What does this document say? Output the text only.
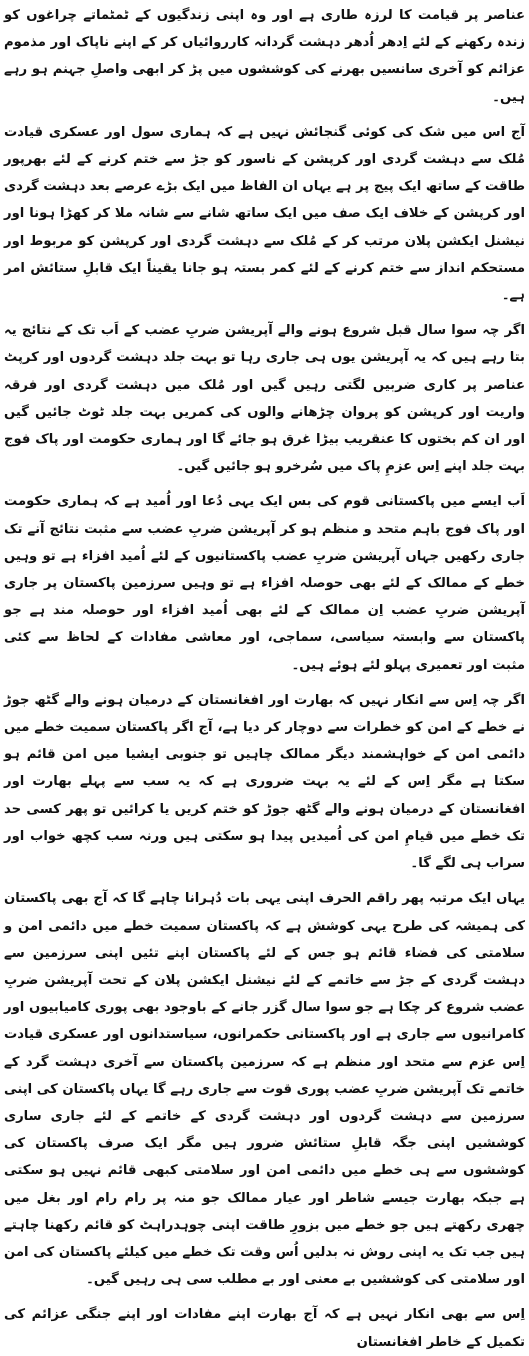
عناصر پر قیامت کا لرزہ طاری ہے اور وہ اپنی زندگیوں کے ٹمٹماتے چراغوں کو زندہ رکھنے کے لئے اِدھر اُدھر دہشت گردانہ کارروائیاں کر کے اپنے ناپاک اور مذموم عزائم کو آخری سانسیں بھرنے کی کوششوں میں پڑ کر ابھی واصلِ جہنم ہو رہے ہیں۔

آج اس میں شک کی کوئی گنجائش نہیں ہے کہ ہماری سول اور عسکری قیادت مُلک سے دہشت گردی اور کرپشن کے ناسور کو جڑ سے ختم کرنے کے لئے بھرپور طاقت کے ساتھ ایک پیج پر ہے یہاں ان الفاظ میں ایک بڑے عرصے بعد دہشت گردی اور کرپشن کے خلاف ایک صف میں ایک ساتھ شانے سے شانہ ملا کر کھڑا ہونا اور نیشنل ایکشن پلان مرتب کر کے مُلک سے دہشت گردی اور کرپشن کو مربوط اور مستحکم انداز سے ختم کرنے کے لئے کمر بستہ ہو جانا یقیناً ایک قابلِ ستائش امر ہے۔

اگر چہ سوا سال قبل شروع ہونے والے آپریشن ضربِ عضب کے اَب تک کے نتائج یہ بتا رہے ہیں کہ یہ آپریشن یوں ہی جاری رہا تو بہت جلد دہشت گردوں اور کرپٹ عناصر پر کاری ضربیں لگتی رہیں گیں اور مُلک میں دہشت گردی اور فرقہ واریت اور کرپشن کو پروان چڑھانے والوں کی کمریں بہت جلد ٹوٹ جائیں گیں اور ان کم بختوں کا عنقریب بیڑا غرق ہو جائے گا اور ہماری حکومت اور پاک فوج بہت جلد اپنے اِس عزمِ پاک میں سُرخرو ہو جائیں گیں۔

اَب ایسے میں پاکستانی قوم کی بس ایک یہی دُعا اور اُمید ہے کہ ہماری حکومت اور پاک فوج باہم متحد و منظم ہو کر آپریشن ضربِ عضب سے مثبت نتائج آنے تک جاری رکھیں جہاں آپریشن ضربِ عضب پاکستانیوں کے لئے اُمید افزاء ہے تو وہیں خطے کے ممالک کے لئے بھی حوصلہ افزاء ہے تو وہیں سرزمین پاکستان پر جاری آپریشن ضربِ عضب اِن ممالک کے لئے بھی اُمید افزاء اور حوصلہ مند ہے جو پاکستان سے وابستہ سیاسی، سماجی، اور معاشی مفادات کے لحاظ سے کئی مثبت اور تعمیری پہلو لئے ہوئے ہیں۔

اگر چہ اِس سے انکار نہیں کہ بھارت اور افغانستان کے درمیان ہونے والے گٹھ جوڑ نے خطے کے امن کو خطرات سے دوچار کر دیا ہے، آج اگر پاکستان سمیت خطے میں دائمی امن کے خواہشمند دیگر ممالک چاہیں تو جنوبی ایشیا میں امن قائم ہو سکتا ہے مگر اِس کے لئے یہ بہت ضروری ہے کہ یہ سب سے پہلے بھارت اور افغانستان کے درمیان ہونے والے گٹھ جوڑ کو ختم کریں یا کرائیں تو پھر کسی حد تک خطے میں قیامِ امن کی اُمیدیں پیدا ہو سکتی ہیں ورنہ سب کچھ خواب اور سراب ہی لگے گا۔

یہاں ایک مرتبہ پھر راقم الحرف اپنی یہی بات دُہرانا چاہے گا کہ آج بھی پاکستان کی ہمیشہ کی طرح یہی کوشش ہے کہ پاکستان سمیت خطے میں دائمی امن و سلامتی کی فضاء قائم ہو جس کے لئے پاکستان اپنے تئیں اپنی سرزمین سے دہشت گردی کے جڑ سے خاتمے کے لئے نیشنل ایکشن پلان کے تحت آپریشن ضربِ عضب شروع کر چکا ہے جو سوا سال گزر جانے کے باوجود بھی پوری کامیابیوں اور کامرانیوں سے جاری ہے اور پاکستانی حکمرانوں، سیاستدانوں اور عسکری قیادت اِس عزم سے متحد اور منظم ہے کہ سرزمین پاکستان سے آخری دہشت گرد کے خاتمے تک آپریشن ضربِ عضب پوری قوت سے جاری رہے گا یہاں پاکستان کی اپنی سرزمین سے دہشت گردوں اور دہشت گردی کے خاتمے کے لئے جاری ساری کوششیں اپنی جگہ قابلِ ستائش ضرور ہیں مگر ایک صرف پاکستان کی کوششوں سے ہی خطے میں دائمی امن اور سلامتی کبھی قائم نہیں ہو سکتی ہے جبکہ بھارت جیسے شاطر اور عیار ممالک جو منہ پر رام رام اور بغل میں چھری رکھتے ہیں جو خطے میں بزورِ طاقت اپنی چوہدراہٹ کو قائم رکھنا چاہتے ہیں جب تک یہ اپنی روش نہ بدلیں اُس وقت تک خطے میں کیلئے پاکستان کی امن اور سلامتی کی کوششیں بے معنی اور بے مطلب سی ہی رہیں گیں۔

اِس سے بھی انکار نہیں ہے کہ آج بھارت اپنے مفادات اور اپنے جنگی عزائم کی تکمیل کے خاطر افغانستان
